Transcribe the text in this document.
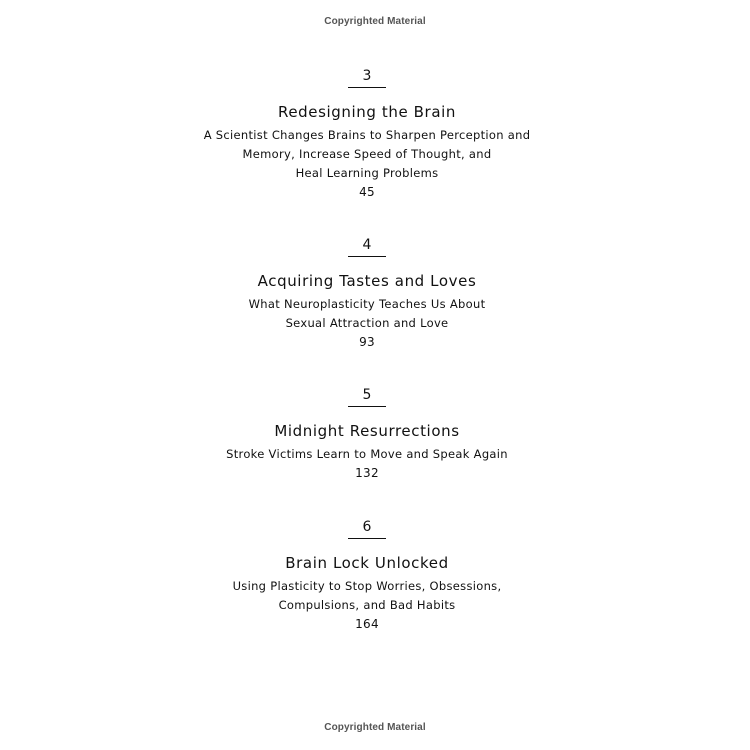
Copyrighted Material
3
Redesigning the Brain
A Scientist Changes Brains to Sharpen Perception and
Memory, Increase Speed of Thought, and
Heal Learning Problems
45
4
Acquiring Tastes and Loves
What Neuroplasticity Teaches Us About
Sexual Attraction and Love
93
5
Midnight Resurrections
Stroke Victims Learn to Move and Speak Again
132
6
Brain Lock Unlocked
Using Plasticity to Stop Worries, Obsessions,
Compulsions, and Bad Habits
164
Copyrighted Material
